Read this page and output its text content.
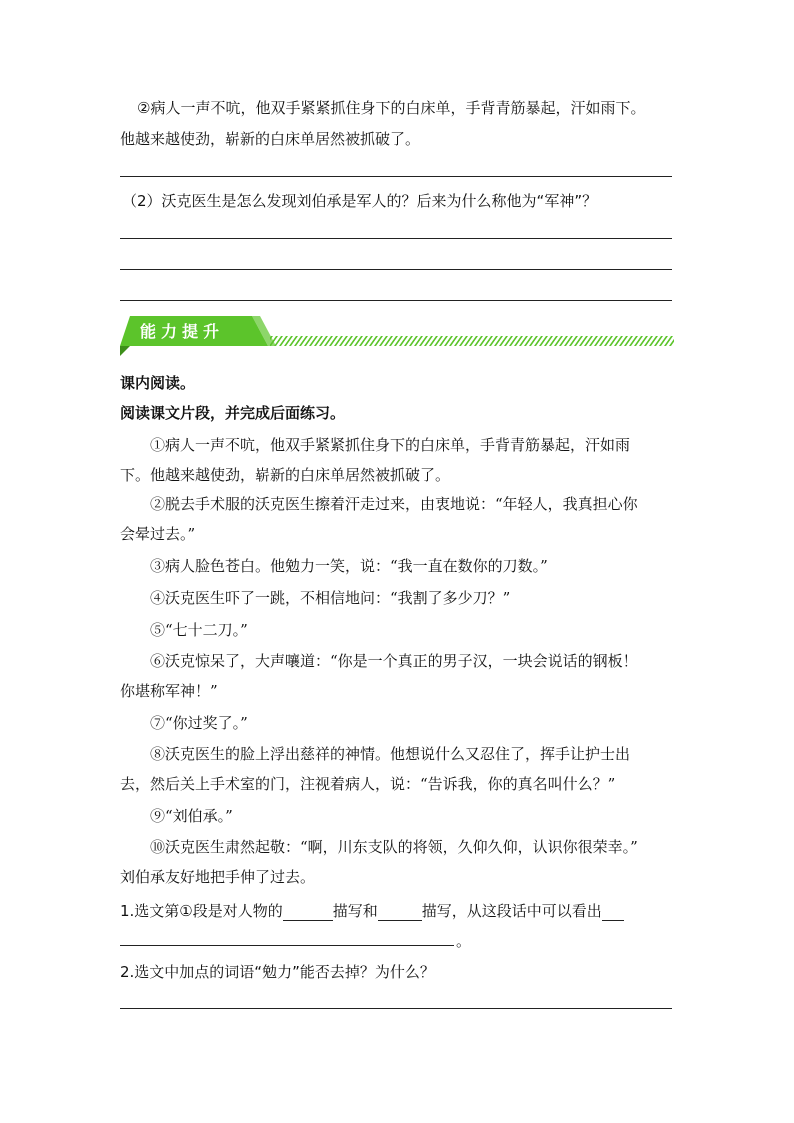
②病人一声不吭，他双手紧紧抓住身下的白床单，手背青筋暴起，汗如雨下。
他越来越使劲，崭新的白床单居然被抓破了。
（2）沃克医生是怎么发现刘伯承是军人的？后来为什么称他为“军神”？
能力提升
课内阅读。
阅读课文片段，并完成后面练习。
①病人一声不吭，他双手紧紧抓住身下的白床单，手背青筋暴起，汗如雨
下。他越来越使劲，崭新的白床单居然被抓破了。
②脱去手术服的沃克医生擦着汗走过来，由衷地说：“年轻人，我真担心你
会晕过去。”
③病人脸色苍白。他勉力一笑，说：“我一直在数你的刀数。”
④沃克医生吓了一跳，不相信地问：“我割了多少刀？”
⑤“七十二刀。”
⑥沃克惊呆了，大声嚷道：“你是一个真正的男子汉，一块会说话的钢板！
你堪称军神！”
⑦“你过奖了。”
⑧沃克医生的脸上浮出慈祥的神情。他想说什么又忍住了，挥手让护士出
去，然后关上手术室的门，注视着病人，说：“告诉我，你的真名叫什么？”
⑨“刘伯承。”
⑩沃克医生肃然起敬：“啊，川东支队的将领，久仰久仰，认识你很荣幸。”
刘伯承友好地把手伸了过去。
1.选文第①段是对人物的	描写和	描写，从这段话中可以看出
。
2.选文中加点的词语“勉力”能否去掉？为什么？
